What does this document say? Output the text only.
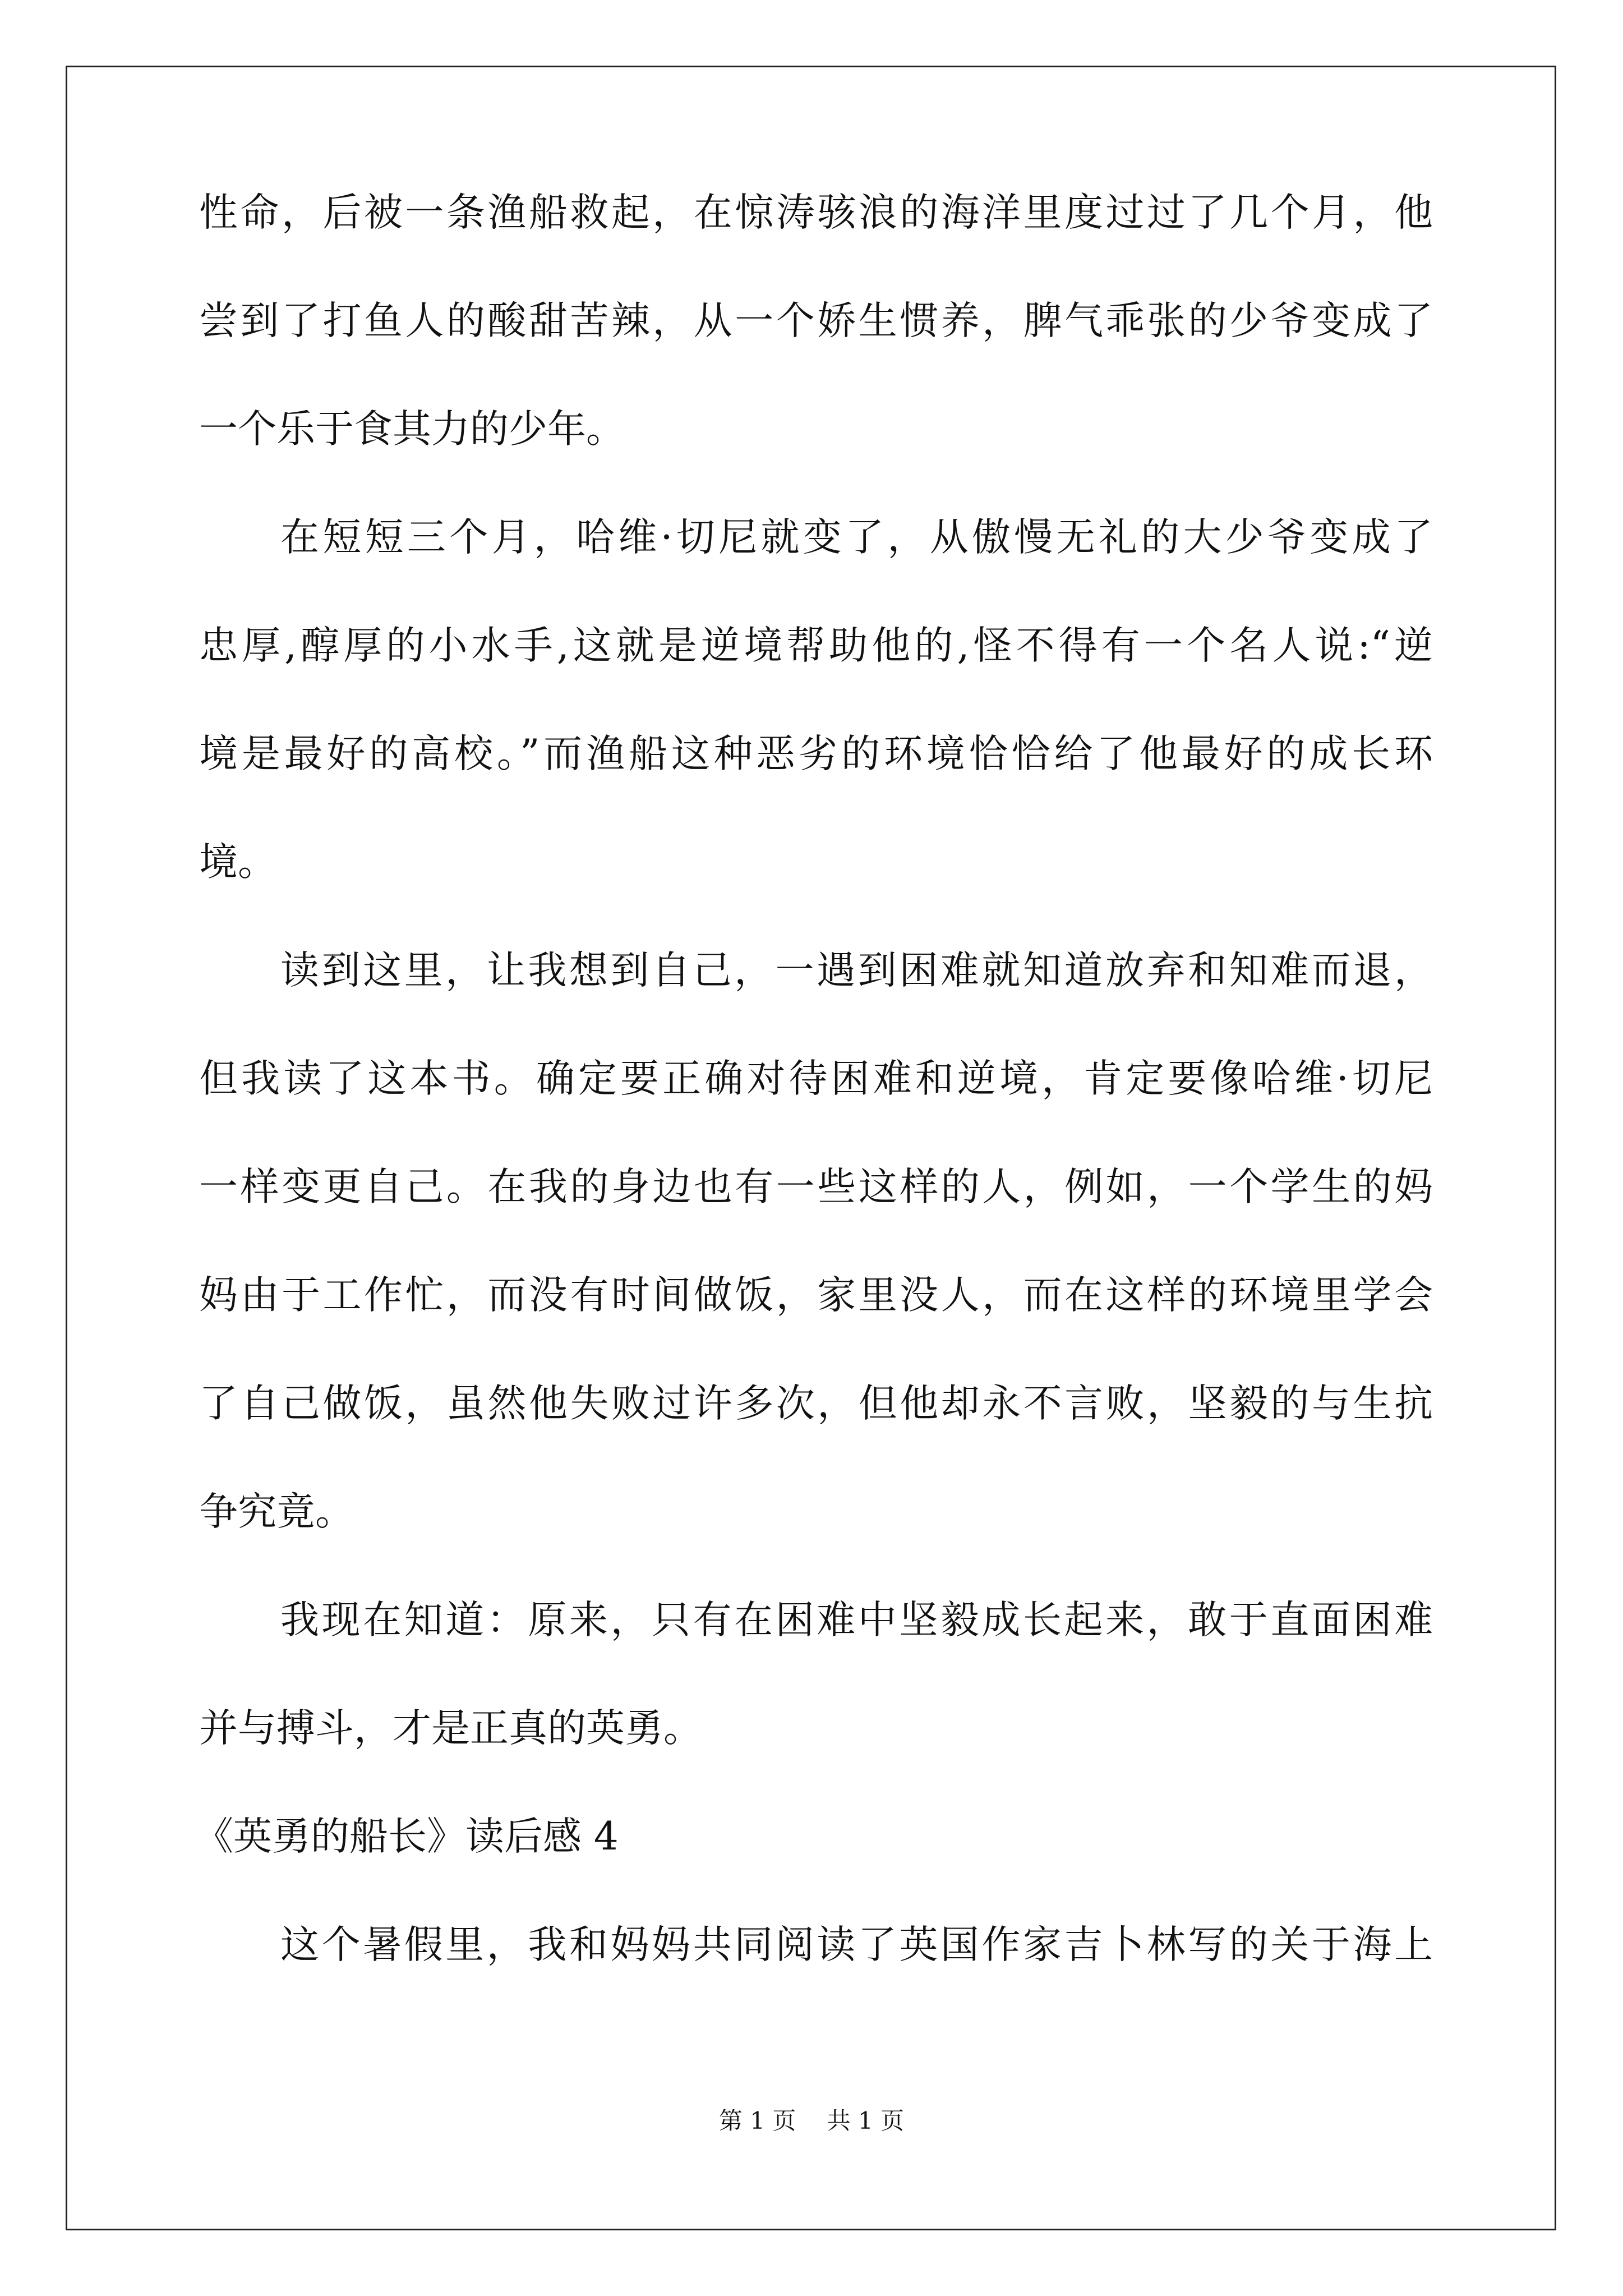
性命，后被一条渔船救起，在惊涛骇浪的海洋里度过过了几个月，他
尝到了打鱼人的酸甜苦辣，从一个娇生惯养，脾气乖张的少爷变成了
一个乐于食其力的少年。
在短短三个月，哈维·切尼就变了，从傲慢无礼的大少爷变成了
忠厚,醇厚的小水手,这就是逆境帮助他的,怪不得有一个名人说:“逆
境是最好的高校。”而渔船这种恶劣的环境恰恰给了他最好的成长环
境。
读到这里，让我想到自己，一遇到困难就知道放弃和知难而退，
但我读了这本书。确定要正确对待困难和逆境，肯定要像哈维·切尼
一样变更自己。在我的身边也有一些这样的人，例如，一个学生的妈
妈由于工作忙，而没有时间做饭，家里没人，而在这样的环境里学会
了自己做饭，虽然他失败过许多次，但他却永不言败，坚毅的与生抗
争究竟。
我现在知道：原来，只有在困难中坚毅成长起来，敢于直面困难
并与搏斗，才是正真的英勇。
《英勇的船长》读后感 4
这个暑假里，我和妈妈共同阅读了英国作家吉卜林写的关于海上
第 1 页　 共 1 页
